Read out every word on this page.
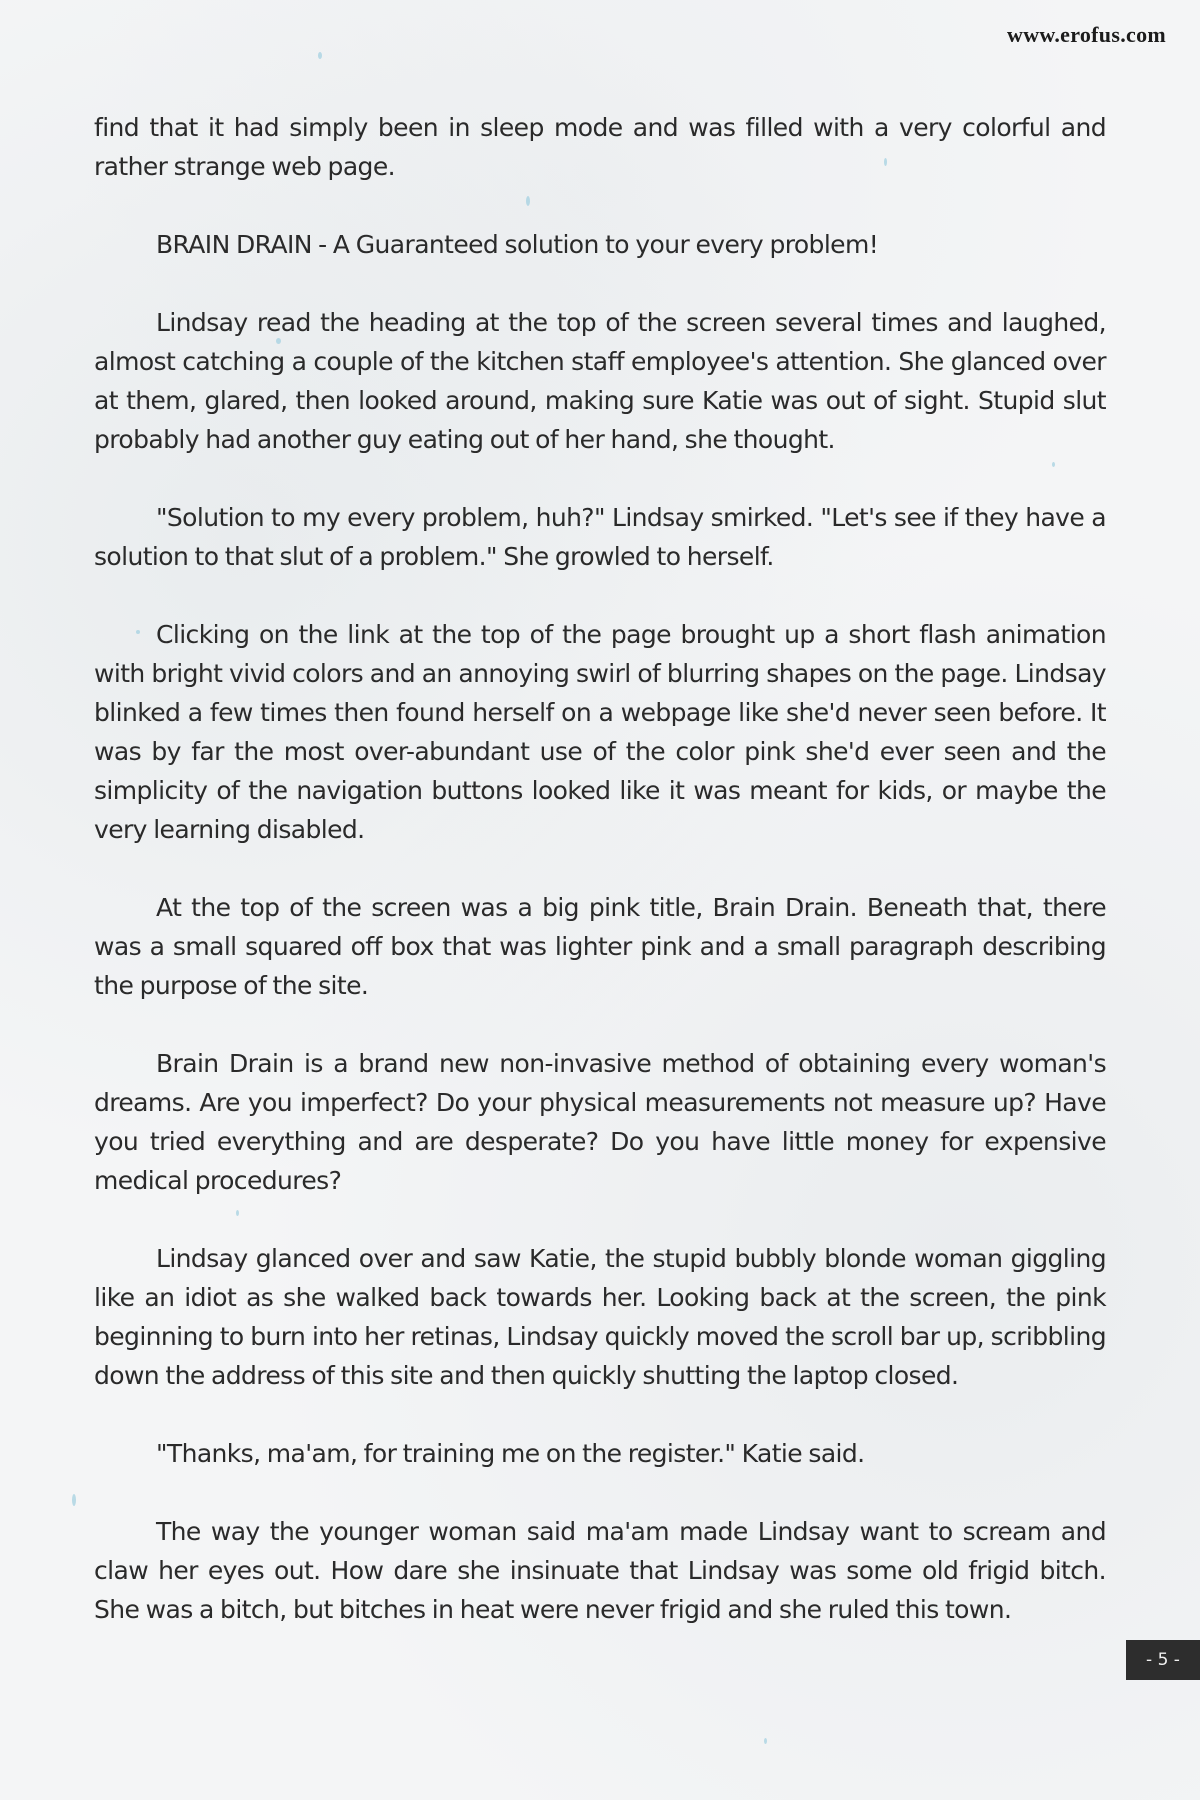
www.erofus.com

find that it had simply been in sleep mode and was filled with a very colorful and rather strange web page.

BRAIN DRAIN - A Guaranteed solution to your every problem!

Lindsay read the heading at the top of the screen several times and laughed, almost catching a couple of the kitchen staff employee's attention. She glanced over at them, glared, then looked around, making sure Katie was out of sight. Stupid slut probably had another guy eating out of her hand, she thought.

"Solution to my every problem, huh?" Lindsay smirked. "Let's see if they have a solution to that slut of a problem." She growled to herself.

Clicking on the link at the top of the page brought up a short flash animation with bright vivid colors and an annoying swirl of blurring shapes on the page. Lindsay blinked a few times then found herself on a webpage like she'd never seen before. It was by far the most over-abundant use of the color pink she'd ever seen and the simplicity of the navigation buttons looked like it was meant for kids, or maybe the very learning disabled.

At the top of the screen was a big pink title, Brain Drain. Beneath that, there was a small squared off box that was lighter pink and a small paragraph describing the purpose of the site.

Brain Drain is a brand new non-invasive method of obtaining every woman's dreams. Are you imperfect? Do your physical measurements not measure up? Have you tried everything and are desperate? Do you have little money for expensive medical procedures?

Lindsay glanced over and saw Katie, the stupid bubbly blonde woman giggling like an idiot as she walked back towards her. Looking back at the screen, the pink beginning to burn into her retinas, Lindsay quickly moved the scroll bar up, scribbling down the address of this site and then quickly shutting the laptop closed.

"Thanks, ma'am, for training me on the register." Katie said.

The way the younger woman said ma'am made Lindsay want to scream and claw her eyes out. How dare she insinuate that Lindsay was some old frigid bitch. She was a bitch, but bitches in heat were never frigid and she ruled this town.

- 5 -
